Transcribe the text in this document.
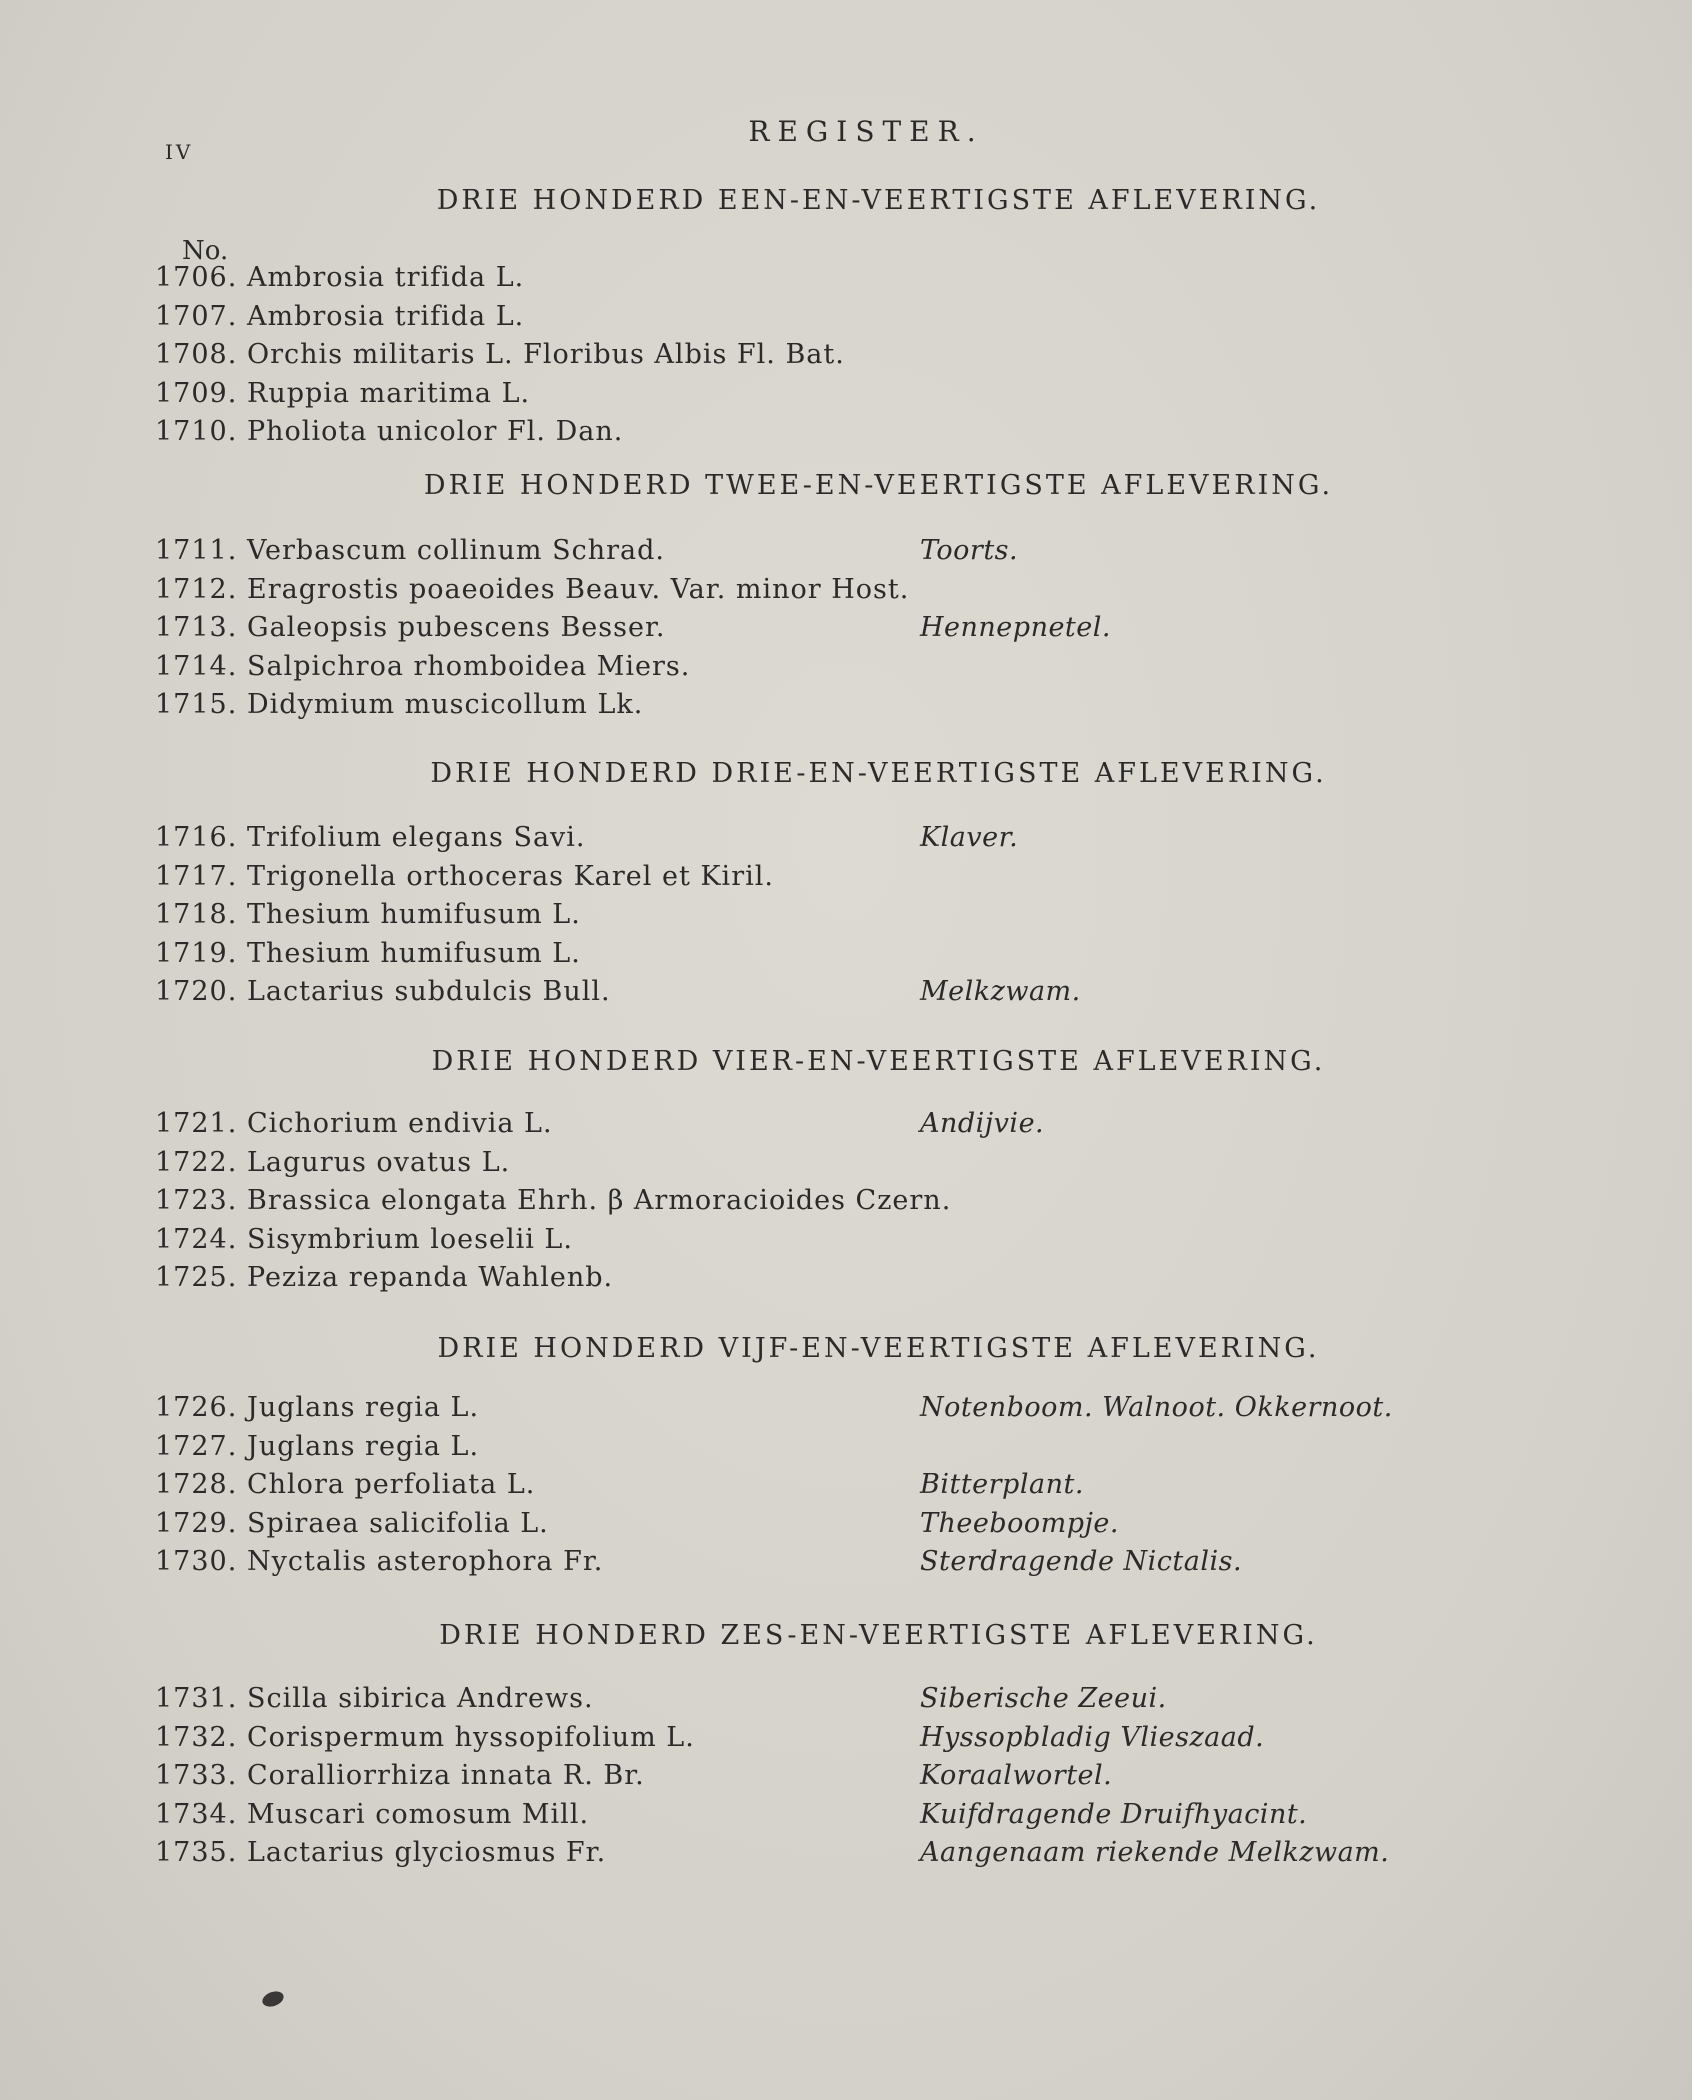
IV
REGISTER.
No.
DRIE HONDERD EEN-EN-VEERTIGSTE AFLEVERING.
1706. Ambrosia trifida L.
1707. Ambrosia trifida L.
1708. Orchis militaris L. Floribus Albis Fl. Bat.
1709. Ruppia maritima L.
1710. Pholiota unicolor Fl. Dan.
DRIE HONDERD TWEE-EN-VEERTIGSTE AFLEVERING.
1711. Verbascum collinum Schrad.	Toorts.
1712. Eragrostis poaeoides Beauv. Var. minor Host.
1713. Galeopsis pubescens Besser.	Hennepnetel.
1714. Salpichroa rhomboidea Miers.
1715. Didymium muscicollum Lk.
DRIE HONDERD DRIE-EN-VEERTIGSTE AFLEVERING.
1716. Trifolium elegans Savi.	Klaver.
1717. Trigonella orthoceras Karel et Kiril.
1718. Thesium humifusum L.
1719. Thesium humifusum L.
1720. Lactarius subdulcis Bull.	Melkzwam.
DRIE HONDERD VIER-EN-VEERTIGSTE AFLEVERING.
1721. Cichorium endivia L.	Andijvie.
1722. Lagurus ovatus L.
1723. Brassica elongata Ehrh. β Armoracioides Czern.
1724. Sisymbrium loeselii L.
1725. Peziza repanda Wahlenb.
DRIE HONDERD VIJF-EN-VEERTIGSTE AFLEVERING.
1726. Juglans regia L.	Notenboom. Walnoot. Okkernoot.
1727. Juglans regia L.
1728. Chlora perfoliata L.	Bitterplant.
1729. Spiraea salicifolia L.	Theeboompje.
1730. Nyctalis asterophora Fr.	Sterdragende Nictalis.
DRIE HONDERD ZES-EN-VEERTIGSTE AFLEVERING.
1731. Scilla sibirica Andrews.	Siberische Zeeui.
1732. Corispermum hyssopifolium L.	Hyssopbladig Vlieszaad.
1733. Coralliorrhiza innata R. Br.	Koraalwortel.
1734. Muscari comosum Mill.	Kuifdragende Druifhyacint.
1735. Lactarius glyciosmus Fr.	Aangenaam riekende Melkzwam.
